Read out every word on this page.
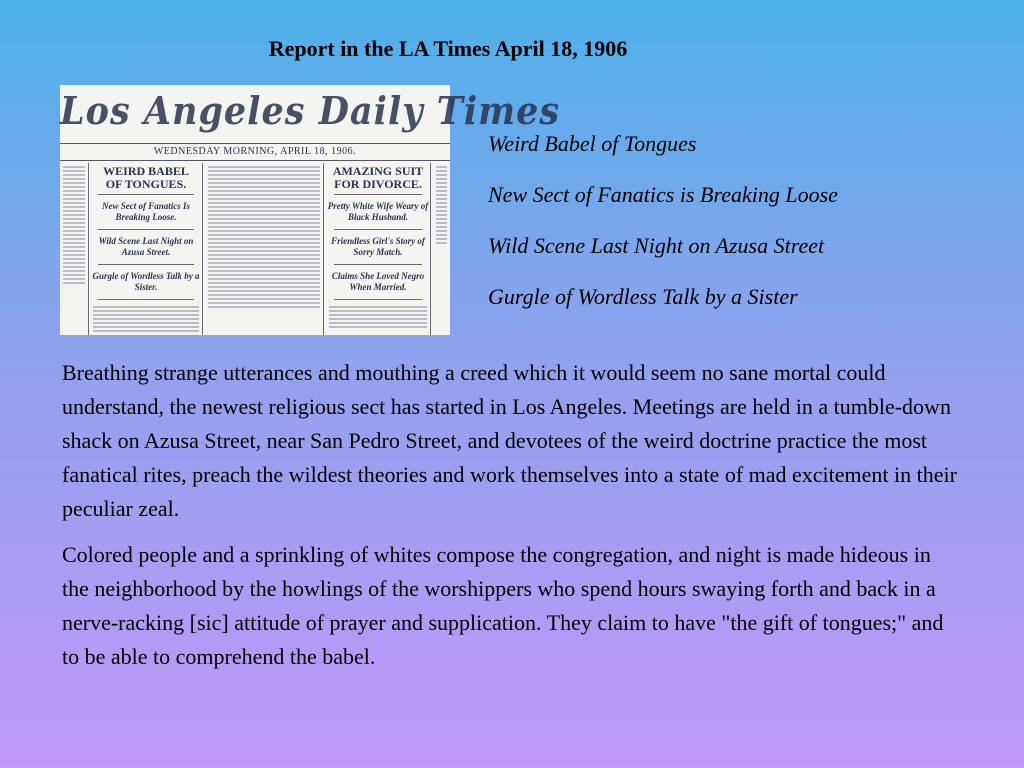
Report in the LA Times April 18, 1906
Los Angeles Daily Times
WEDNESDAY MORNING, APRIL 18, 1906.
WEIRD BABEL
OF TONGUES.
New Sect of Fanatics Is Breaking Loose.
Wild Scene Last Night on Azusa Street.
Gurgle of Wordless Talk by a Sister.
AMAZING SUIT
FOR DIVORCE.
Pretty White Wife Weary of Black Husband.
Friendless Girl's Story of Sorry Match.
Claims She Loved Negro When Married.
Weird Babel of Tongues
New Sect of Fanatics is Breaking Loose
Wild Scene Last Night on Azusa Street
Gurgle of Wordless Talk by a Sister

Breathing strange utterances and mouthing a creed which it would seem no sane mortal could understand, the newest religious sect has started in Los Angeles. Meetings are held in a tumble-down shack on Azusa Street, near San Pedro Street, and devotees of the weird doctrine practice the most fanatical rites, preach the wildest theories and work themselves into a state of mad excitement in their peculiar zeal.

Colored people and a sprinkling of whites compose the congregation, and night is made hideous in the neighborhood by the howlings of the worshippers who spend hours swaying forth and back in a nerve-racking [sic] attitude of prayer and supplication. They claim to have "the gift of tongues;" and to be able to comprehend the babel.
